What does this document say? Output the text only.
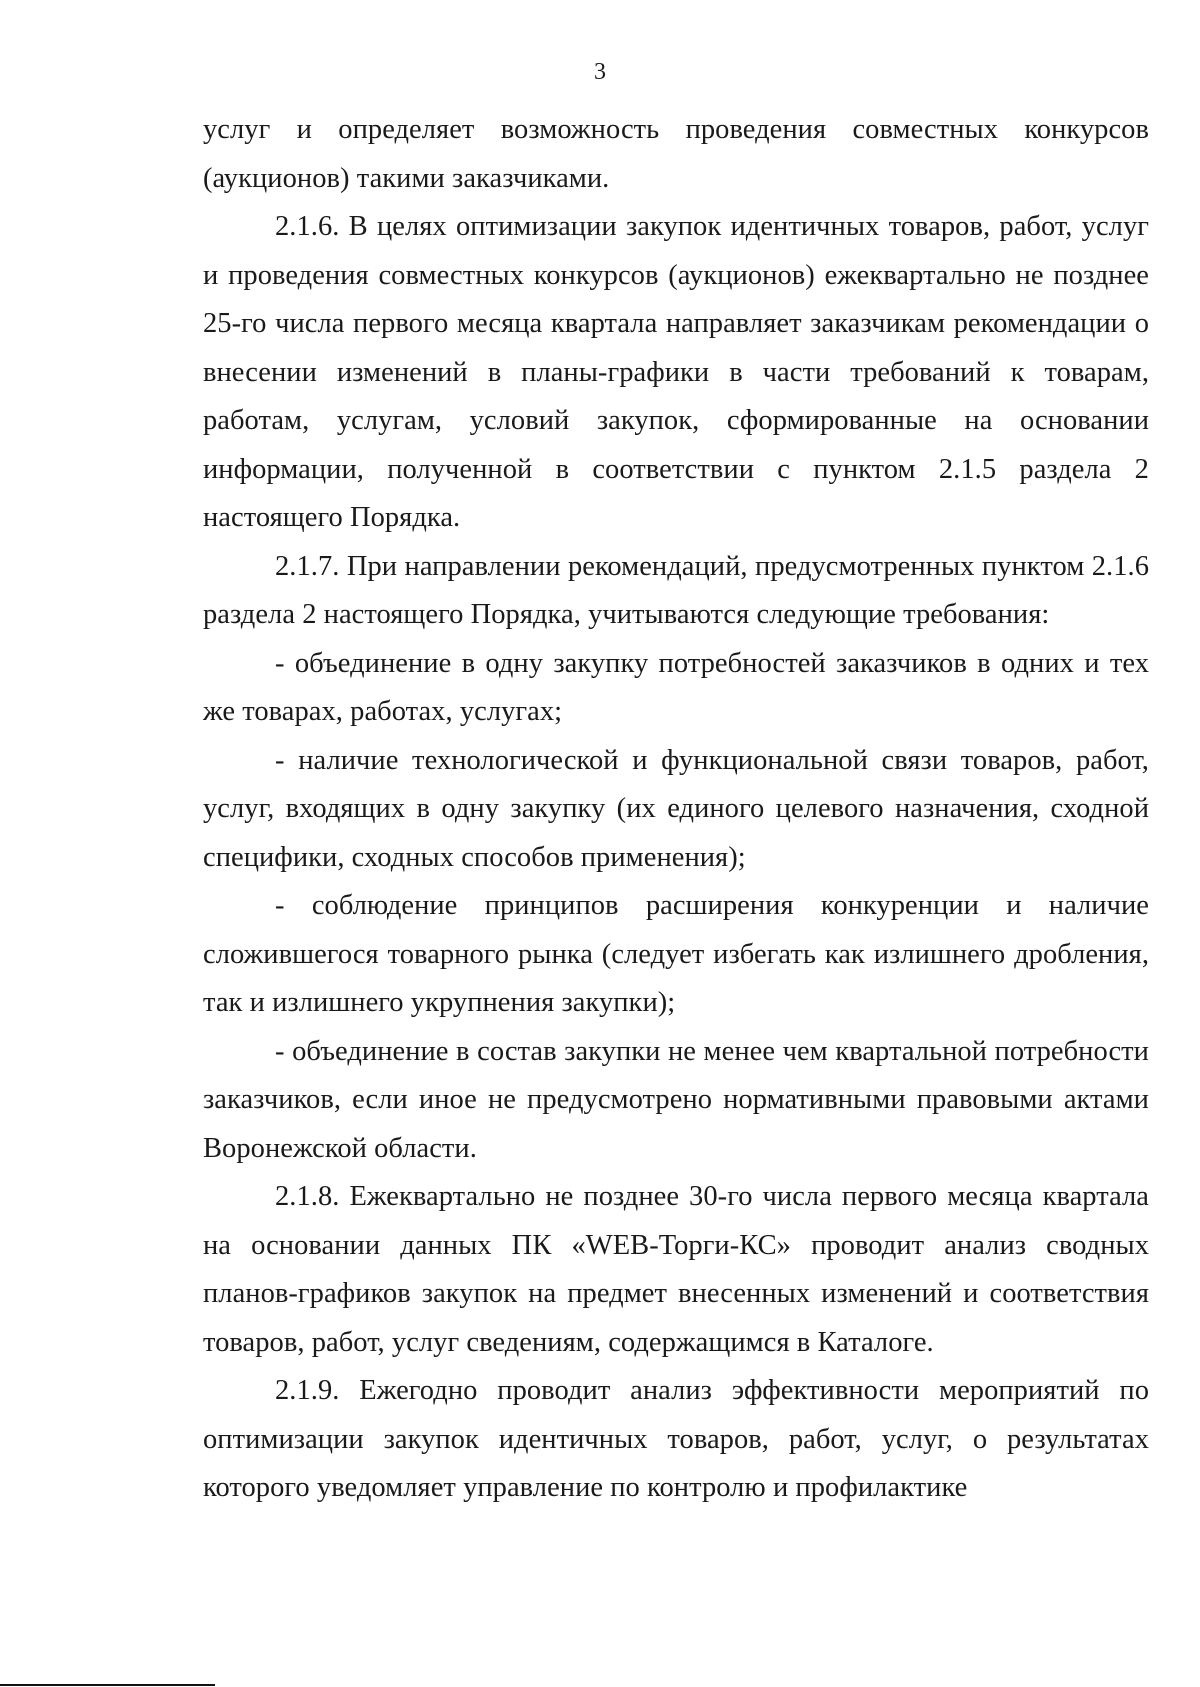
3

услуг и определяет возможность проведения совместных конкурсов (аукционов) такими заказчиками.

2.1.6. В целях оптимизации закупок идентичных товаров, работ, услуг и проведения совместных конкурсов (аукционов) ежеквартально не позднее 25-го числа первого месяца квартала направляет заказчикам рекомендации о внесении изменений в планы-графики в части требований к товарам, работам, услугам, условий закупок, сформированные на основании информации, полученной в соответствии с пунктом 2.1.5 раздела 2 настоящего Порядка.

2.1.7. При направлении рекомендаций, предусмотренных пунктом 2.1.6 раздела 2 настоящего Порядка, учитываются следующие требования:

- объединение в одну закупку потребностей заказчиков в одних и тех же товарах, работах, услугах;

- наличие технологической и функциональной связи товаров, работ, услуг, входящих в одну закупку (их единого целевого назначения, сходной специфики, сходных способов применения);

- соблюдение принципов расширения конкуренции и наличие сложившегося товарного рынка (следует избегать как излишнего дробления, так и излишнего укрупнения закупки);

- объединение в состав закупки не менее чем квартальной потребности заказчиков, если иное не предусмотрено нормативными правовыми актами Воронежской области.

2.1.8. Ежеквартально не позднее 30-го числа первого месяца квартала на основании данных ПК «WEB-Торги-КС» проводит анализ сводных планов-графиков закупок на предмет внесенных изменений и соответствия товаров, работ, услуг сведениям, содержащимся в Каталоге.

2.1.9. Ежегодно проводит анализ эффективности мероприятий по оптимизации закупок идентичных товаров, работ, услуг, о результатах которого уведомляет управление по контролю и профилактике
